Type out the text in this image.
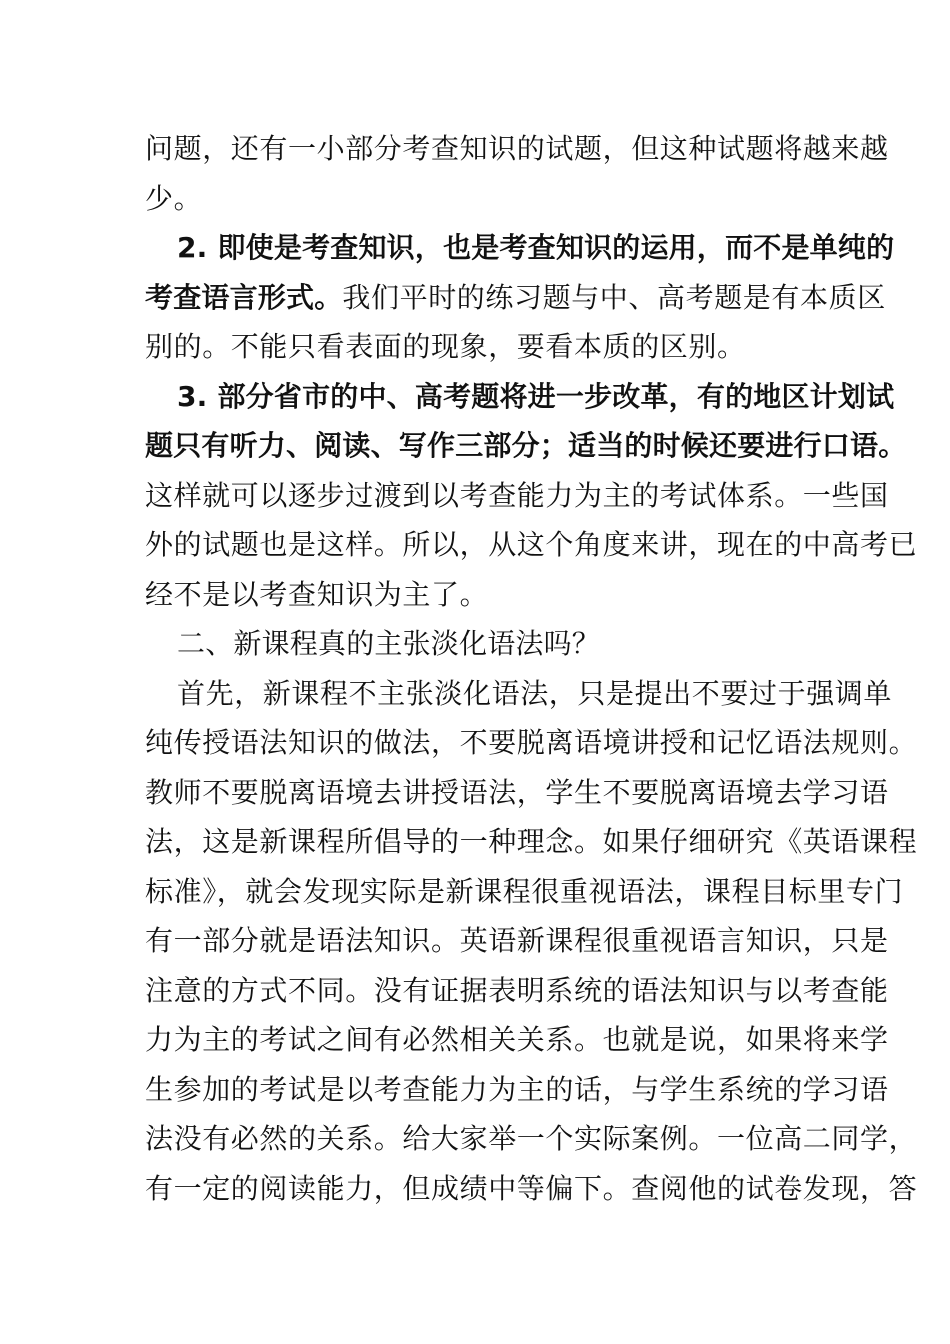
问题，还有一小部分考查知识的试题，但这种试题将越来越
少。
2. 即使是考查知识，也是考查知识的运用，而不是单纯的
考查语言形式。我们平时的练习题与中、高考题是有本质区
别的。不能只看表面的现象，要看本质的区别。
3. 部分省市的中、高考题将进一步改革，有的地区计划试
题只有听力、阅读、写作三部分；适当的时候还要进行口语。
这样就可以逐步过渡到以考查能力为主的考试体系。一些国
外的试题也是这样。所以，从这个角度来讲，现在的中高考已
经不是以考查知识为主了。
二、新课程真的主张淡化语法吗？
首先，新课程不主张淡化语法，只是提出不要过于强调单
纯传授语法知识的做法，不要脱离语境讲授和记忆语法规则。
教师不要脱离语境去讲授语法，学生不要脱离语境去学习语
法，这是新课程所倡导的一种理念。如果仔细研究《英语课程
标准》，就会发现实际是新课程很重视语法，课程目标里专门
有一部分就是语法知识。英语新课程很重视语言知识，只是
注意的方式不同。没有证据表明系统的语法知识与以考查能
力为主的考试之间有必然相关关系。也就是说，如果将来学
生参加的考试是以考查能力为主的话，与学生系统的学习语
法没有必然的关系。给大家举一个实际案例。一位高二同学，
有一定的阅读能力，但成绩中等偏下。查阅他的试卷发现，答
